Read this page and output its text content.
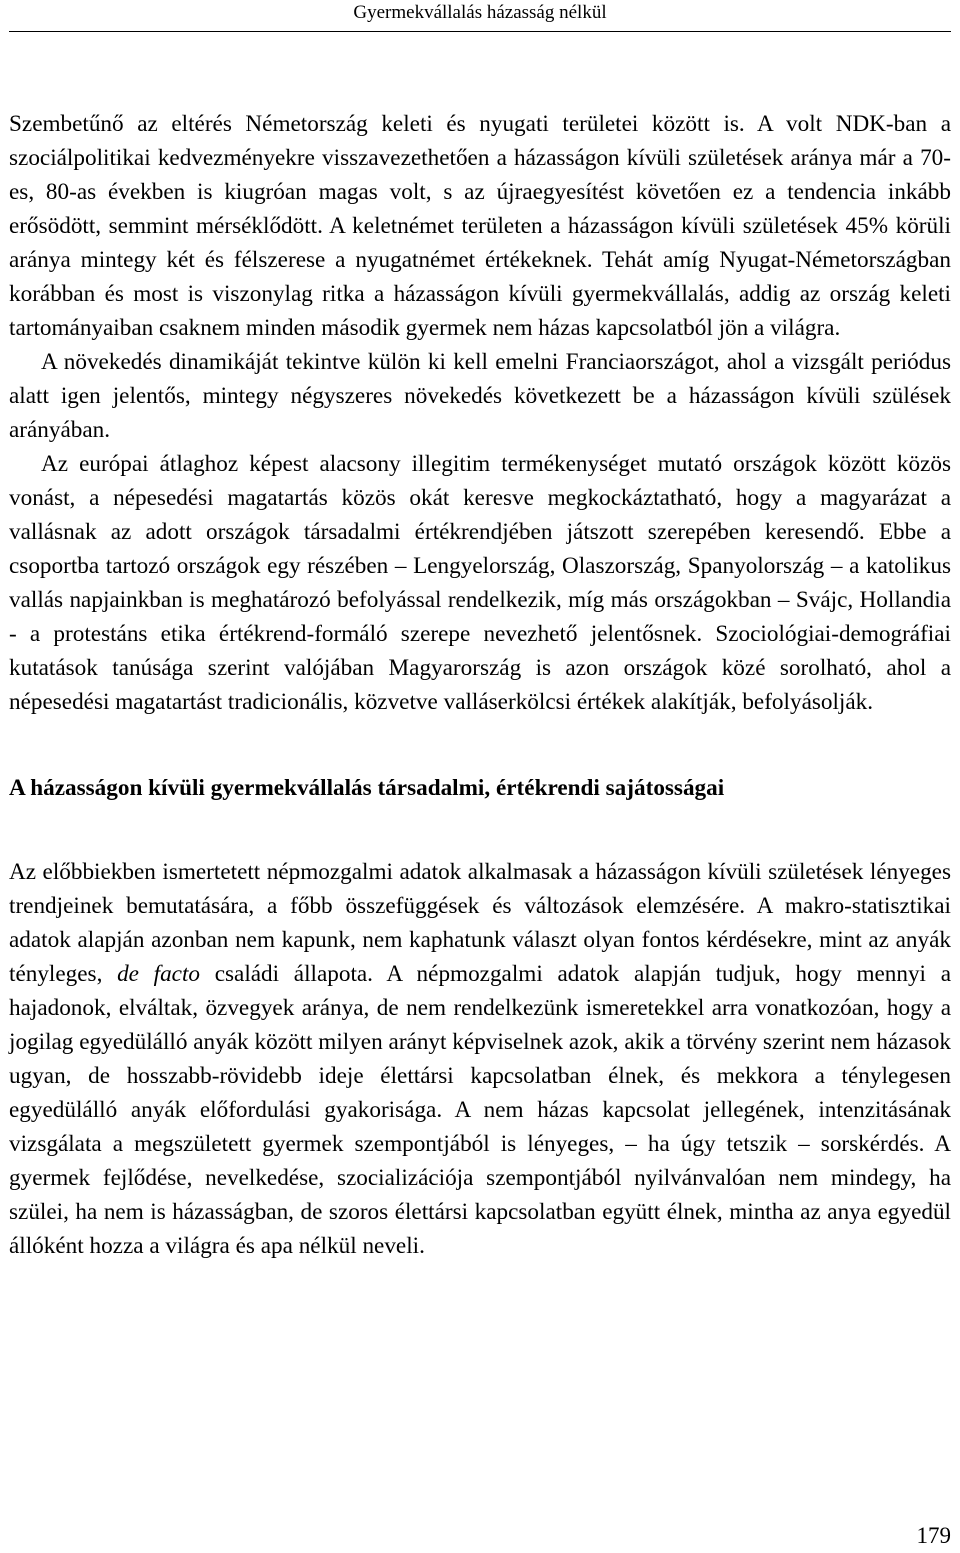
Gyermekvállalás házasság nélkül

Szembetűnő az eltérés Németország keleti és nyugati területei között is. A volt NDK-ban a szociálpolitikai kedvezményekre visszavezethetően a házasságon kívüli születések aránya már a 70-es, 80-as években is kiugróan magas volt, s az újraegyesítést követően ez a tendencia inkább erősödött, semmint mérséklődött. A keletnémet területen a házasságon kívüli születések 45% körüli aránya mintegy két és félszerese a nyugatnémet értékeknek. Tehát amíg Nyugat-Németországban korábban és most is viszonylag ritka a házasságon kívüli gyermekvállalás, addig az ország keleti tartományaiban csaknem minden második gyermek nem házas kapcsolatból jön a világra.

A növekedés dinamikáját tekintve külön ki kell emelni Franciaországot, ahol a vizsgált periódus alatt igen jelentős, mintegy négyszeres növekedés következett be a házasságon kívüli szülések arányában.

Az európai átlaghoz képest alacsony illegitim termékenységet mutató országok között közös vonást, a népesedési magatartás közös okát keresve megkockáztatható, hogy a magyarázat a vallásnak az adott országok társadalmi értékrendjében játszott szerepében keresendő. Ebbe a csoportba tartozó országok egy részében – Lengyelország, Olaszország, Spanyolország – a katolikus vallás napjainkban is meghatározó befolyással rendelkezik, míg más országokban – Svájc, Hollandia - a protestáns etika értékrend-formáló szerepe nevezhető jelentősnek. Szociológiai-demográfiai kutatások tanúsága szerint valójában Magyarország is azon országok közé sorolható, ahol a népesedési magatartást tradicionális, közvetve valláserkölcsi értékek alakítják, befolyásolják.

A házasságon kívüli gyermekvállalás társadalmi, értékrendi sajátosságai

Az előbbiekben ismertetett népmozgalmi adatok alkalmasak a házasságon kívüli születések lényeges trendjeinek bemutatására, a főbb összefüggések és változások elemzésére. A makro-statisztikai adatok alapján azonban nem kapunk, nem kaphatunk választ olyan fontos kérdésekre, mint az anyák tényleges, de facto családi állapota. A népmozgalmi adatok alapján tudjuk, hogy mennyi a hajadonok, elváltak, özvegyek aránya, de nem rendelkezünk ismeretekkel arra vonatkozóan, hogy a jogilag egyedülálló anyák között milyen arányt képviselnek azok, akik a törvény szerint nem házasok ugyan, de hosszabb-rövidebb ideje élettársi kapcsolatban élnek, és mekkora a ténylegesen egyedülálló anyák előfordulási gyakorisága. A nem házas kapcsolat jellegének, intenzitásának vizsgálata a megszületett gyermek szempontjából is lényeges, – ha úgy tetszik – sorskérdés. A gyermek fejlődése, nevelkedése, szocializációja szempontjából nyilvánvalóan nem mindegy, ha szülei, ha nem is házasságban, de szoros élettársi kapcsolatban együtt élnek, mintha az anya egyedül állóként hozza a világra és apa nélkül neveli.

179
